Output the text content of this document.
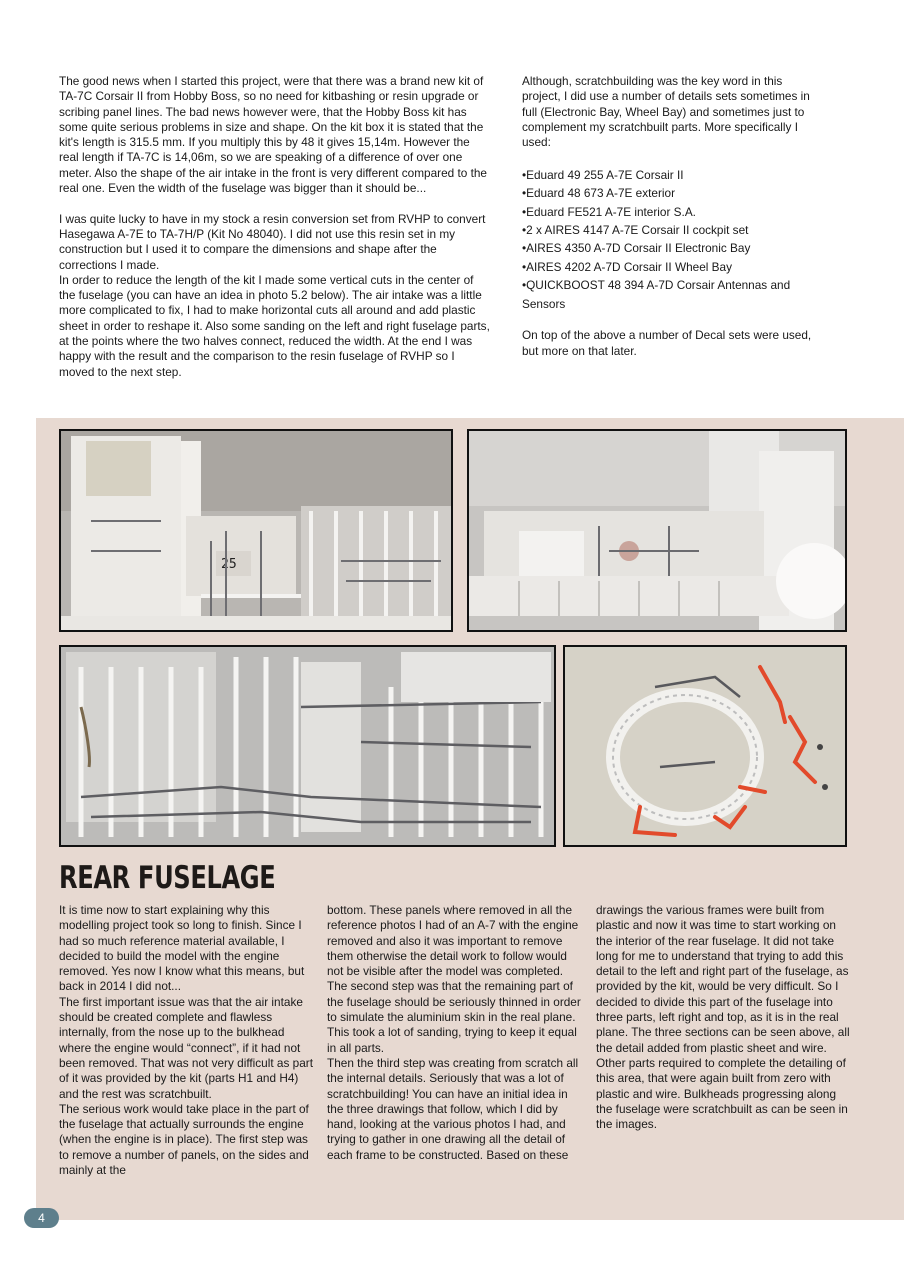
The good news when I started this project, were that there was a brand new kit of TA-7C Corsair II from Hobby Boss, so no need for kitbashing or resin upgrade or scribing panel lines. The bad news however were, that the Hobby Boss kit has some quite serious problems in size and shape. On the kit box it is stated that the kit's length is 315.5 mm. If you multiply this by 48 it gives 15,14m. However the real length if TA-7C is 14,06m, so we are speaking of a difference of over one meter. Also the shape of the air intake in the front is very different compared to the real one. Even the width of the fuselage was bigger than it should be...

I was quite lucky to have in my stock a resin conversion set from RVHP to convert Hasegawa A-7E to TA-7H/P (Kit No 48040). I did not use this resin set in my construction but I used it to compare the dimensions and shape after the corrections I made.

In order to reduce the length of the kit I made some vertical cuts in the center of the fuselage (you can have an idea in photo 5.2 below). The air intake was a little more complicated to fix, I had to make horizontal cuts all around and add plastic sheet in order to reshape it. Also some sanding on the left and right fuselage parts, at the points where the two halves connect, reduced the width. At the end I was happy with the result and the comparison to the resin fuselage of RVHP so I moved to the next step.

Although, scratchbuilding was the key word in this project, I did use a number of details sets sometimes in full (Electronic Bay, Wheel Bay) and sometimes just to complement my scratchbuilt parts. More specifically I used:

•Eduard 49 255 A-7E Corsair II
•Eduard 48 673 A-7E exterior
•Eduard FE521 A-7E interior S.A.
•2 x AIRES 4147 A-7E Corsair II cockpit set
•AIRES 4350 A-7D Corsair II Electronic Bay
•AIRES 4202 A-7D Corsair II Wheel Bay
•QUICKBOOST 48 394 A-7D Corsair Antennas and Sensors

On top of the above a number of Decal sets were used, but more on that later.

25
REAR FUSELAGE

It is time now to start explaining why this modelling project took so long to finish. Since I had so much reference material available, I decided to build the model with the engine removed. Yes now I know what this means, but back in 2014 I did not...

The first important issue was that the air intake should be created complete and flawless internally, from the nose up to the bulkhead where the engine would “connect”, if it had not been removed. That was not very difficult as part of it was provided by the kit (parts H1 and H4) and the rest was scratchbuilt.

The serious work would take place in the part of the fuselage that actually surrounds the engine (when the engine is in place). The first step was to remove a number of panels, on the sides and mainly at the

bottom. These panels where removed in all the reference photos I had of an A-7 with the engine removed and also it was important to remove them otherwise the detail work to follow would not be visible after the model was completed.

The second step was that the remaining part of the fuselage should be seriously thinned in order to simulate the aluminium skin in the real plane. This took a lot of sanding, trying to keep it equal in all parts.

Then the third step was creating from scratch all the internal details. Seriously that was a lot of scratchbuilding! You can have an initial idea in the three drawings that follow, which I did by hand, looking at the various photos I had, and trying to gather in one drawing all the detail of each frame to be constructed. Based on these

drawings the various frames were built from plastic and now it was time to start working on the interior of the rear fuselage. It did not take long for me to understand that trying to add this detail to the left and right part of the fuselage, as provided by the kit, would be very difficult. So I decided to divide this part of the fuselage into three parts, left right and top, as it is in the real plane. The three sections can be seen above, all the detail added from plastic sheet and wire.

Other parts required to complete the detailing of this area, that were again built from zero with plastic and wire. Bulkheads progressing along the fuselage were scratchbuilt as can be seen in the images.

4
